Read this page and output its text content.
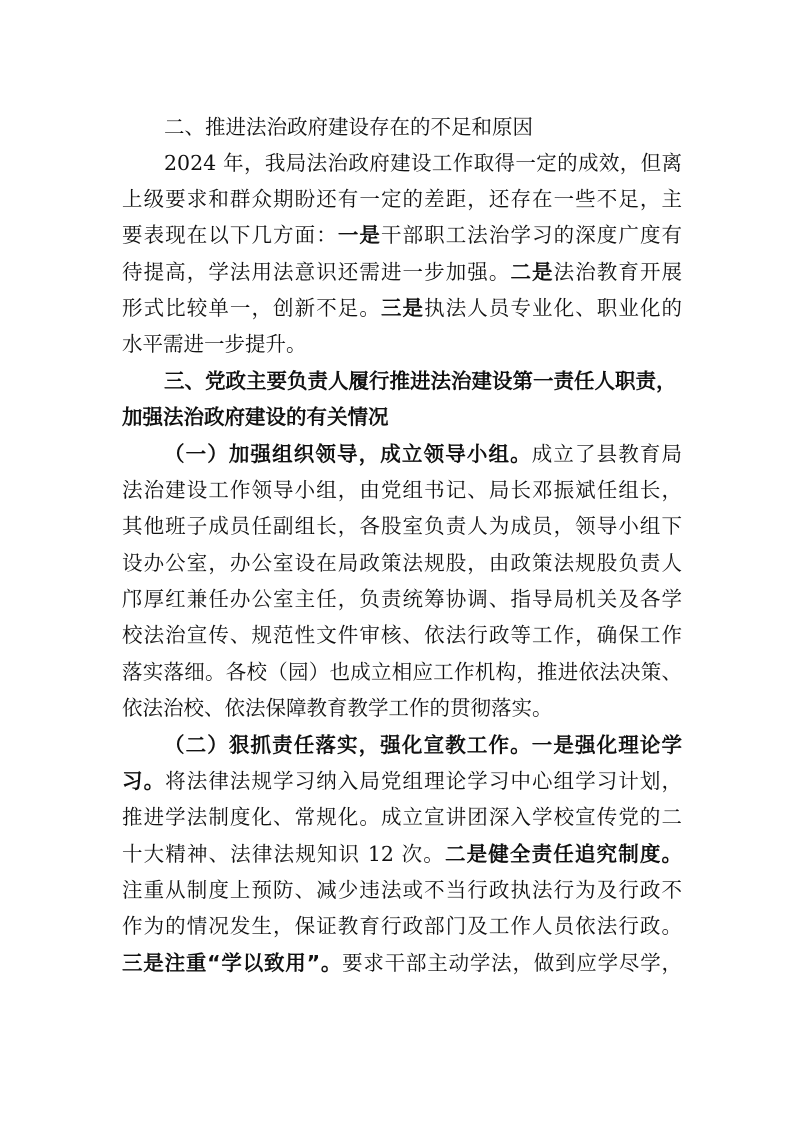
二、推进法治政府建设存在的不足和原因
2024 年，我局法治政府建设工作取得一定的成效，但离
上级要求和群众期盼还有一定的差距，还存在一些不足，主
要表现在以下几方面：一是干部职工法治学习的深度广度有
待提高，学法用法意识还需进一步加强。二是法治教育开展
形式比较单一，创新不足。三是执法人员专业化、职业化的
水平需进一步提升。
三、党政主要负责人履行推进法治建设第一责任人职责，
加强法治政府建设的有关情况
（一）加强组织领导，成立领导小组。成立了县教育局
法治建设工作领导小组，由党组书记、局长邓振斌任组长，
其他班子成员任副组长，各股室负责人为成员，领导小组下
设办公室，办公室设在局政策法规股，由政策法规股负责人
邝厚红兼任办公室主任，负责统筹协调、指导局机关及各学
校法治宣传、规范性文件审核、依法行政等工作，确保工作
落实落细。各校（园）也成立相应工作机构，推进依法决策、
依法治校、依法保障教育教学工作的贯彻落实。
（二）狠抓责任落实，强化宣教工作。一是强化理论学
习。将法律法规学习纳入局党组理论学习中心组学习计划，
推进学法制度化、常规化。成立宣讲团深入学校宣传党的二
十大精神、法律法规知识 12 次。二是健全责任追究制度。
注重从制度上预防、减少违法或不当行政执法行为及行政不
作为的情况发生，保证教育行政部门及工作人员依法行政。
三是注重“学以致用”。要求干部主动学法，做到应学尽学，
